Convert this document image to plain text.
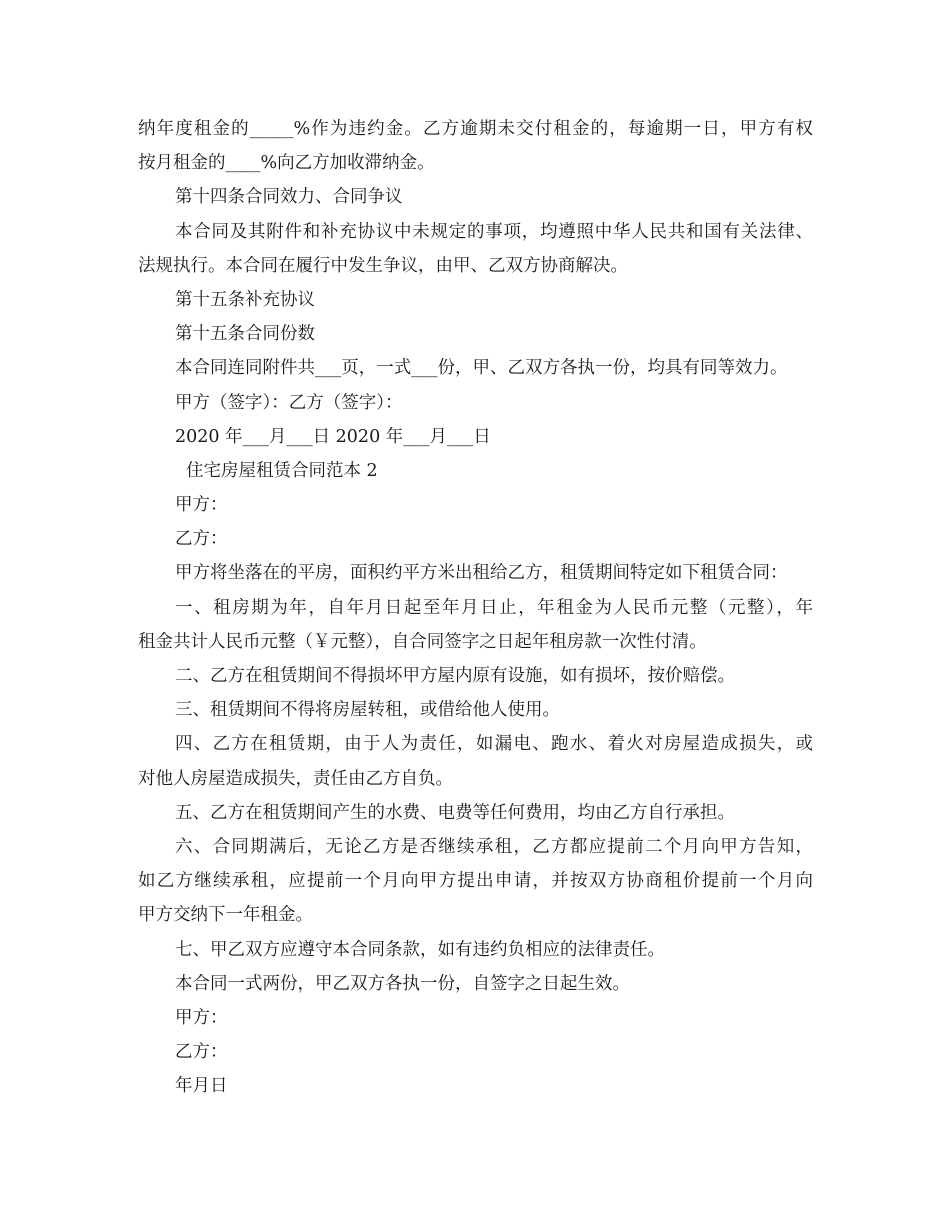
纳年度租金的_____%作为违约金。乙方逾期未交付租金的，每逾期一日，甲方有权
按月租金的____%向乙方加收滞纳金。
第十四条合同效力、合同争议
本合同及其附件和补充协议中未规定的事项，均遵照中华人民共和国有关法律、
法规执行。本合同在履行中发生争议，由甲、乙双方协商解决。
第十五条补充协议
第十五条合同份数
本合同连同附件共___页，一式___份，甲、乙双方各执一份，均具有同等效力。
甲方（签字）：乙方（签字）：
2020 年___月___日 2020 年___月___日
住宅房屋租赁合同范本 2
甲方：
乙方：
甲方将坐落在的平房，面积约平方米出租给乙方，租赁期间特定如下租赁合同：
一、租房期为年，自年月日起至年月日止，年租金为人民币元整（元整），年
租金共计人民币元整（￥元整），自合同签字之日起年租房款一次性付清。
二、乙方在租赁期间不得损坏甲方屋内原有设施，如有损坏，按价赔偿。
三、租赁期间不得将房屋转租，或借给他人使用。
四、乙方在租赁期，由于人为责任，如漏电、跑水、着火对房屋造成损失，或
对他人房屋造成损失，责任由乙方自负。
五、乙方在租赁期间产生的水费、电费等任何费用，均由乙方自行承担。
六、合同期满后，无论乙方是否继续承租，乙方都应提前二个月向甲方告知，
如乙方继续承租，应提前一个月向甲方提出申请，并按双方协商租价提前一个月向
甲方交纳下一年租金。
七、甲乙双方应遵守本合同条款，如有违约负相应的法律责任。
本合同一式两份，甲乙双方各执一份，自签字之日起生效。
甲方：
乙方：
年月日
